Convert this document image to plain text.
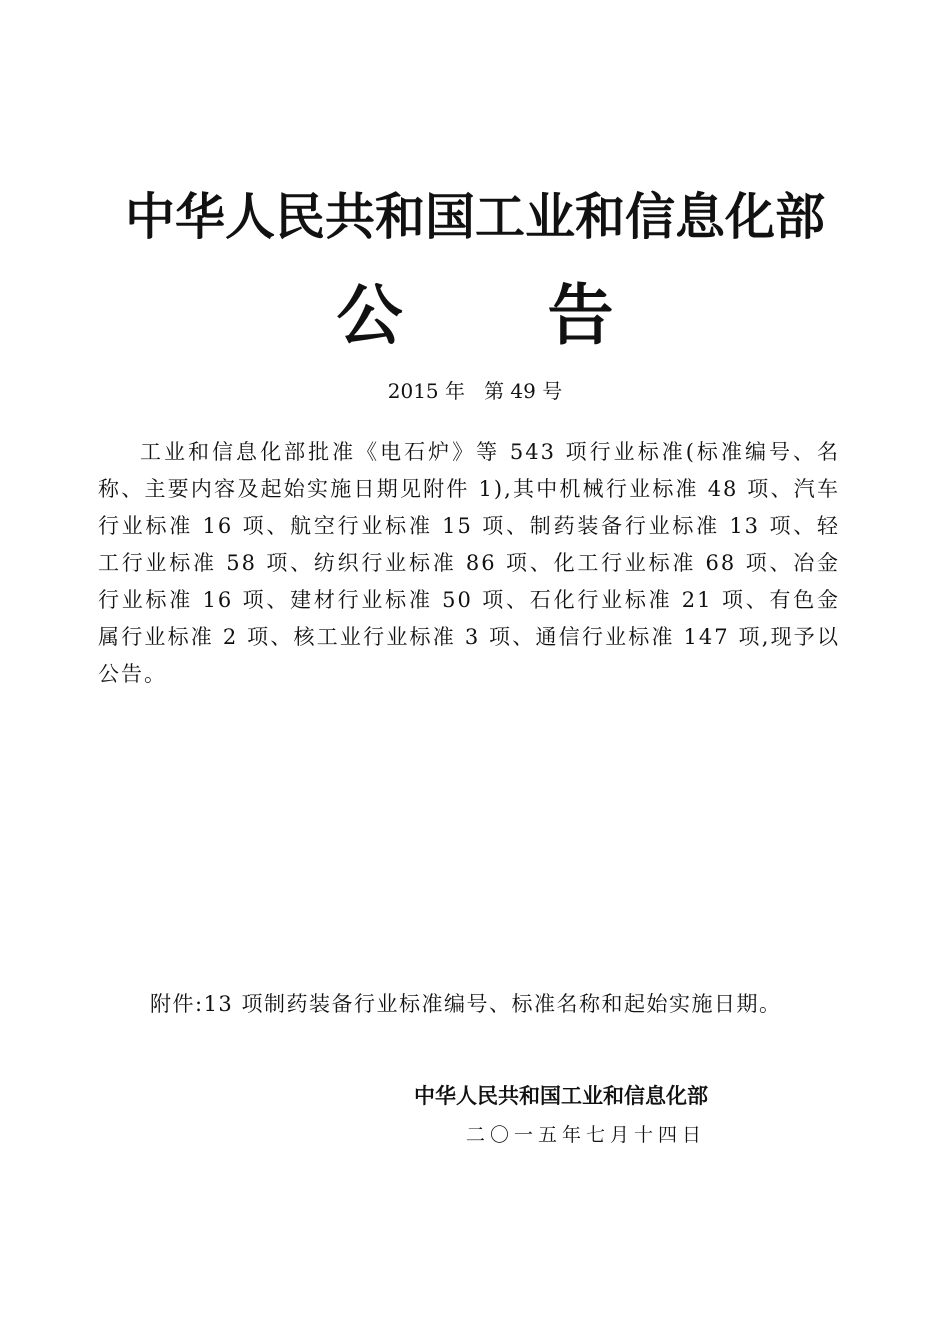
中华人民共和国工业和信息化部
公 告
2015 年   第 49 号
工业和信息化部批准《电石炉》等 543 项行业标准(标准编号、名称、主要内容及起始实施日期见附件 1),其中机械行业标准 48 项、汽车行业标准 16 项、航空行业标准 15 项、制药装备行业标准 13 项、轻工行业标准 58 项、纺织行业标准 86 项、化工行业标准 68 项、冶金行业标准 16 项、建材行业标准 50 项、石化行业标准 21 项、有色金属行业标准 2 项、核工业行业标准 3 项、通信行业标准 147 项,现予以公告。
附件:13 项制药装备行业标准编号、标准名称和起始实施日期。
中华人民共和国工业和信息化部
二〇一五年七月十四日
